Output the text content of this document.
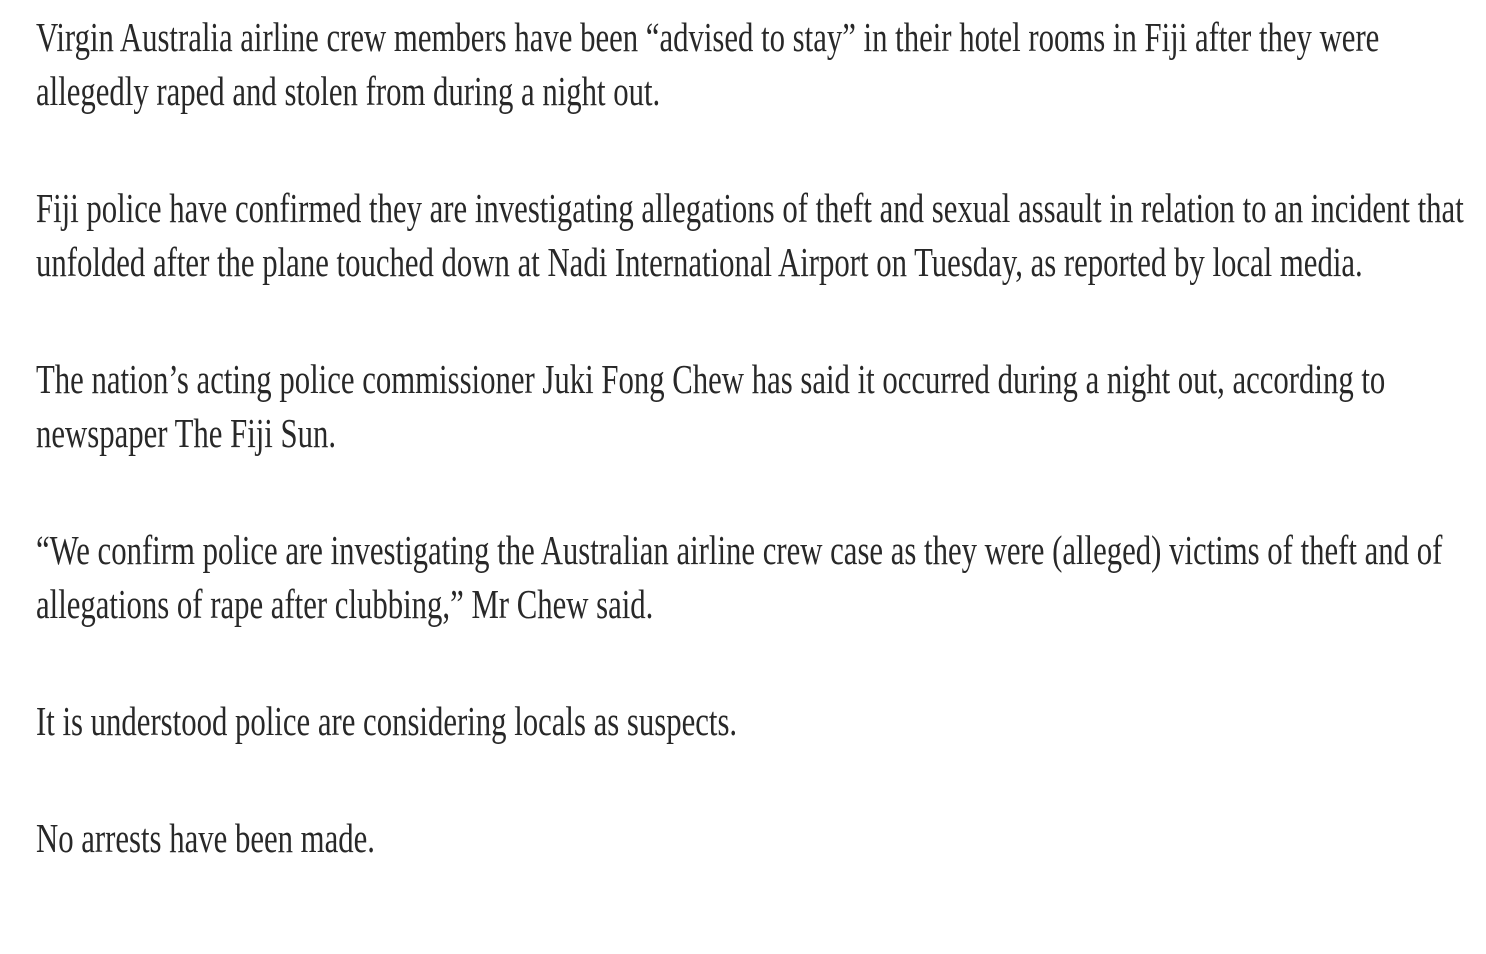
Virgin Australia airline crew members have been “advised to stay” in their hotel rooms in Fiji after they were allegedly raped and stolen from during a night out.

Fiji police have confirmed they are investigating allegations of theft and sexual assault in relation to an incident that unfolded after the plane touched down at Nadi International Airport on Tuesday, as reported by local media.

The nation’s acting police commissioner Juki Fong Chew has said it occurred during a night out, according to newspaper The Fiji Sun.

“We confirm police are investigating the Australian airline crew case as they were (alleged) victims of theft and of allegations of rape after clubbing,” Mr Chew said.

It is understood police are considering locals as suspects.

No arrests have been made.
